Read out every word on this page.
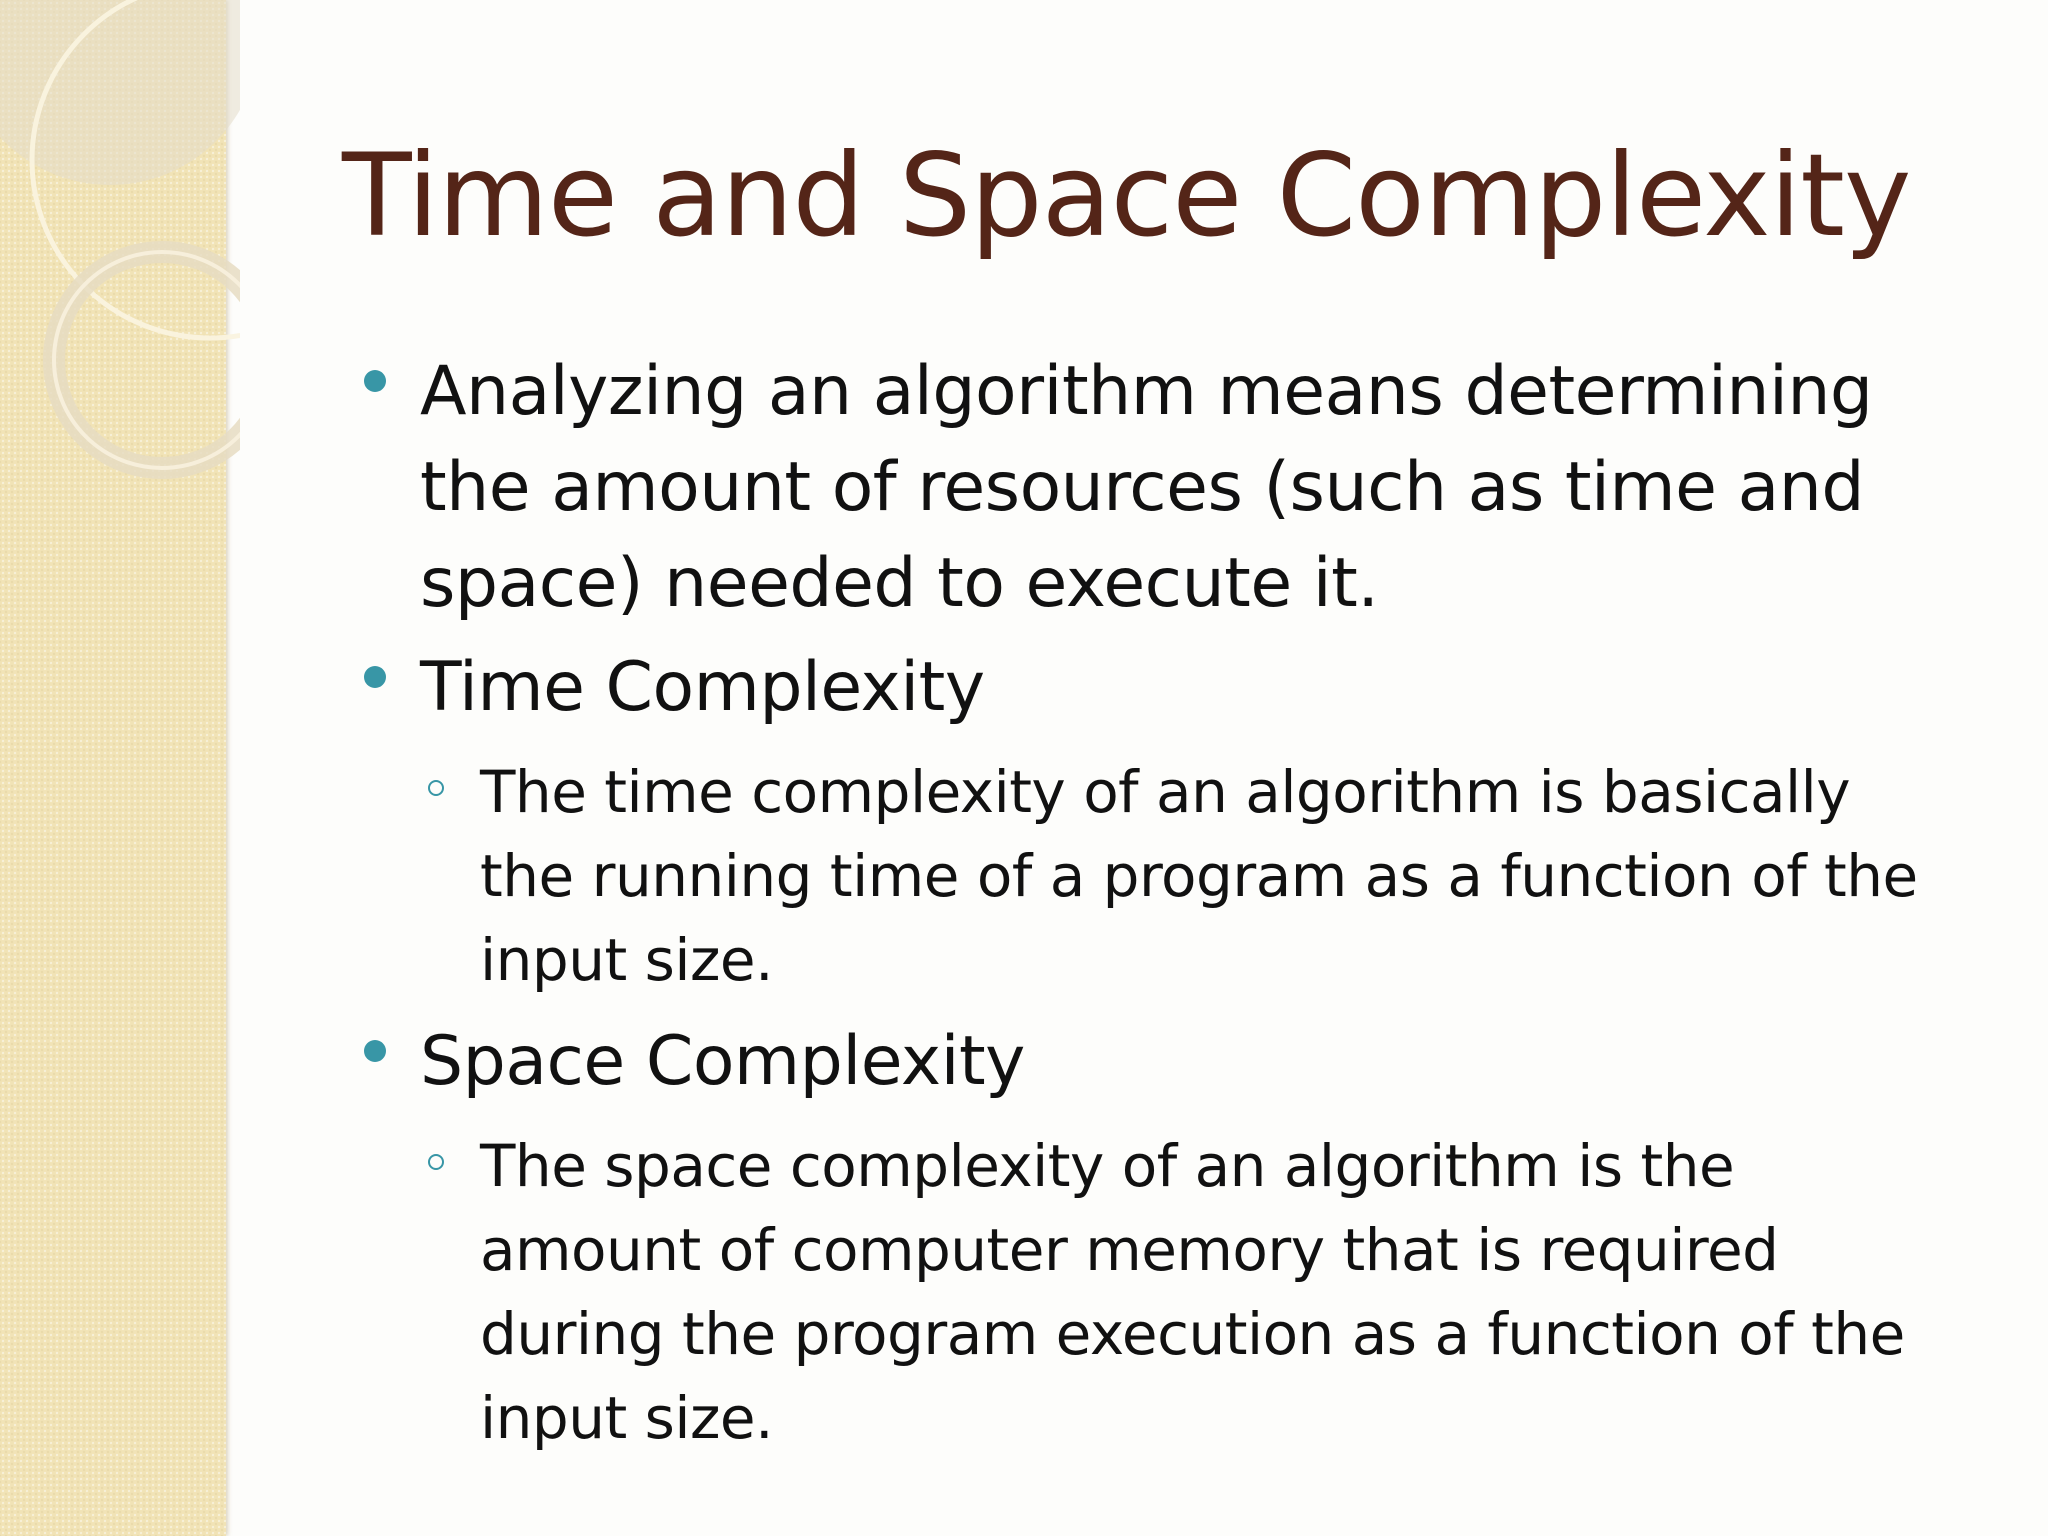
Time and Space Complexity
Analyzing an algorithm means determining the amount of resources (such as time and space) needed to execute it.
Time Complexity
The time complexity of an algorithm is basically the running time of a program as a function of the input size.
Space Complexity
The space complexity of an algorithm is the amount of computer memory that is required during the program execution as a function of the input size.
